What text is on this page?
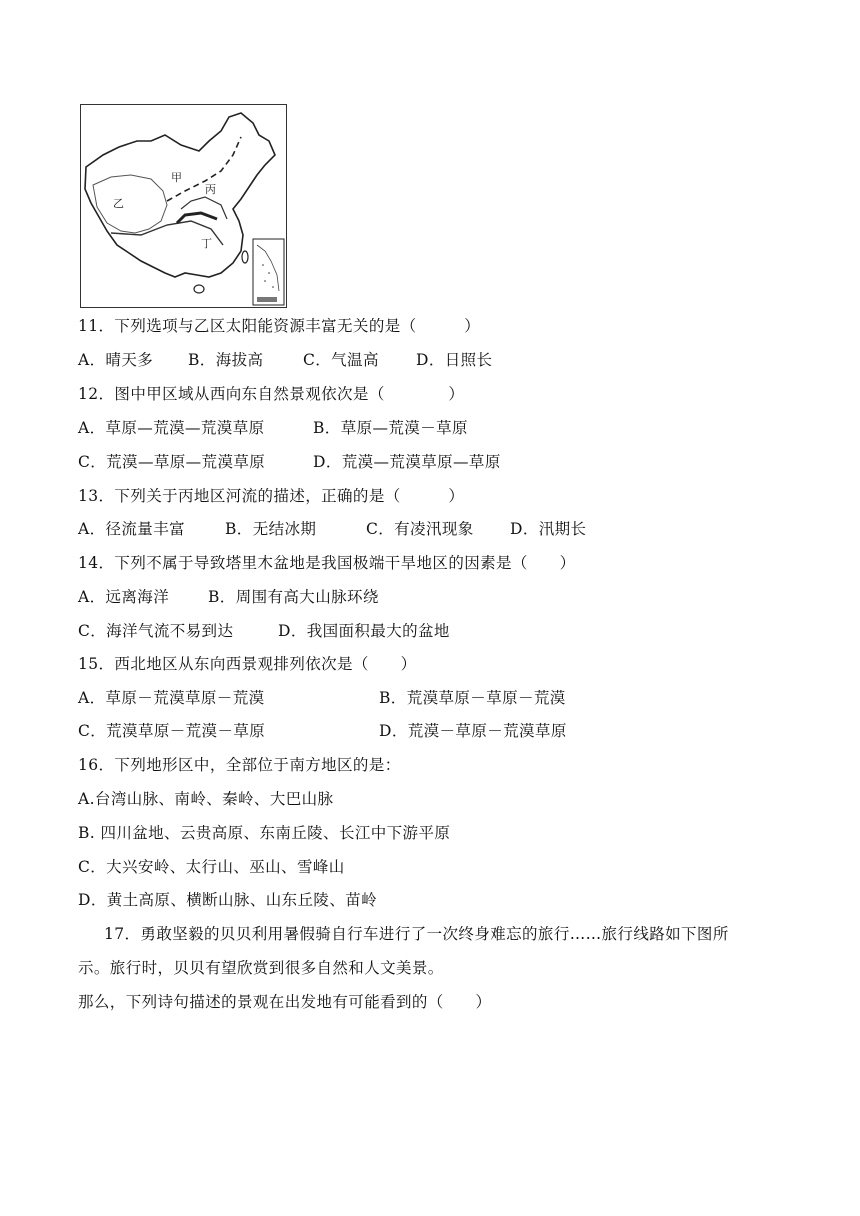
甲
乙
丙
丁
11．下列选项与乙区太阳能资源丰富无关的是（　　　）
A．晴天多 B．海拔高	C．气温高 D．日照长
12．图中甲区域从西向东自然景观依次是（　　　　）
A．草原—荒漠—荒漠草原	B．草原—荒漠－草原
C．荒漠—草原—荒漠草原	D．荒漠—荒漠草原—草原
13．下列关于丙地区河流的描述，正确的是（　　　）
A．径流量丰富	B．无结冰期	C．有凌汛现象 D．汛期长
14．下列不属于导致塔里木盆地是我国极端干旱地区的因素是（　　）
A．远离海洋	B．周围有高大山脉环绕
C．海洋气流不易到达	D．我国面积最大的盆地
15．西北地区从东向西景观排列依次是（　　）
A．草原－荒漠草原－荒漠	B．荒漠草原－草原－荒漠
C．荒漠草原－荒漠－草原	D．荒漠－草原－荒漠草原
16．下列地形区中，全部位于南方地区的是：
A.台湾山脉、南岭、秦岭、大巴山脉
B. 四川盆地、云贵高原、东南丘陵、长江中下游平原
C．大兴安岭、太行山、巫山、雪峰山
D．黄土高原、横断山脉、山东丘陵、苗岭
17．勇敢坚毅的贝贝利用暑假骑自行车进行了一次终身难忘的旅行……旅行线路如下图所
示。旅行时，贝贝有望欣赏到很多自然和人文美景。
那么，下列诗句描述的景观在出发地有可能看到的（　　）
